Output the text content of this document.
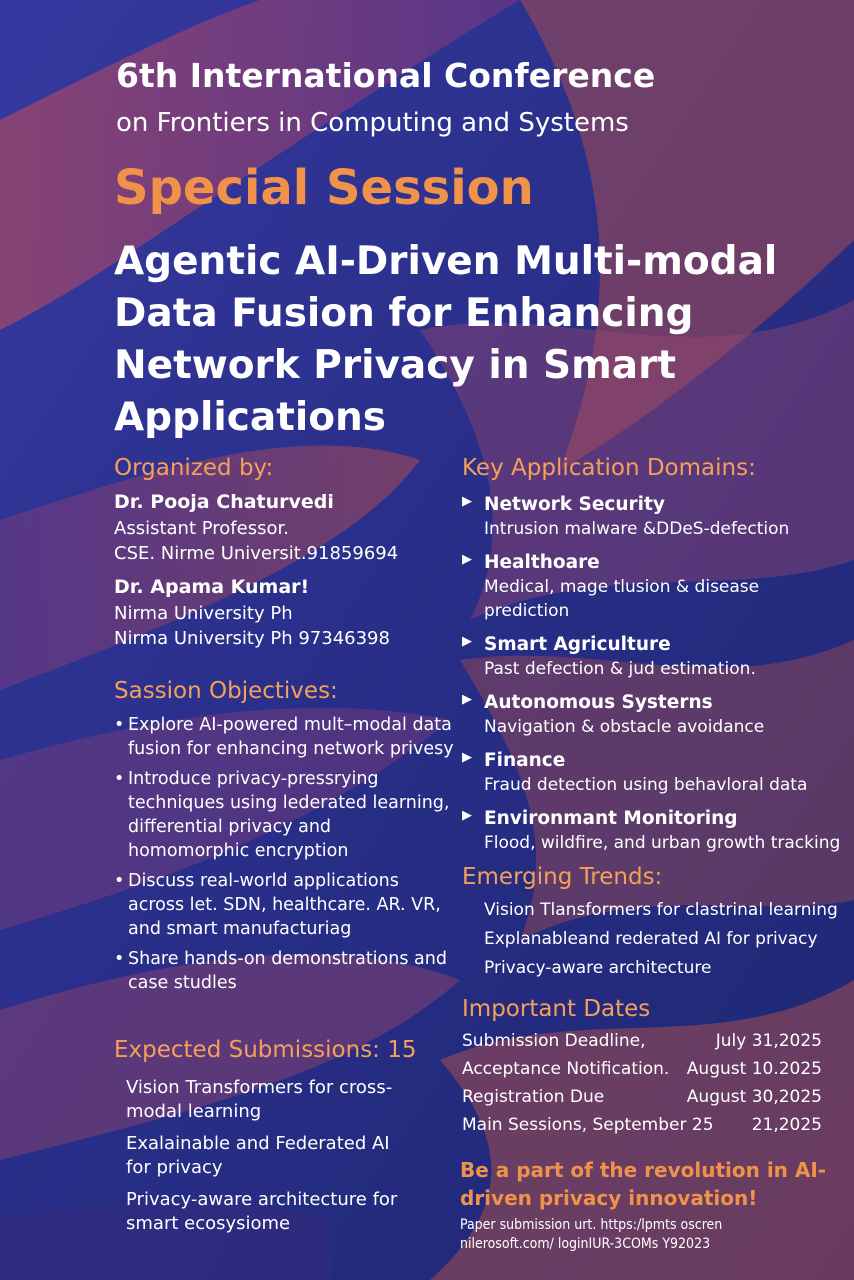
6th International Conference
on Frontiers in Computing and Systems
Special Session
Agentic AI-Driven Multi-modal Data Fusion for Enhancing Network Privacy in Smart Applications
Organized by:
Dr. Pooja Chaturvedi
Assistant Professor.
CSE. Nirme Universit.91859694
Dr. Apama Kumar!
Nirma University Ph
Nirma University Ph 97346398
Sassion Objectives:
• Explore AI-powered mult–modal data fusion for enhancing network privesy
• Introduce privacy-pressrying techniques using lederated learning, differential privacy and homomorphic encryption
• Discuss real-world applications across let. SDN, healthcare. AR. VR, and smart manufacturiag
• Share hands-on demonstrations and case studles
Expected Submissions: 15
Vision Transformers for cross-modal learning
Exalainable and Federated AI for privacy
Privacy-aware architecture for smart ecosysiome
Key Application Domains:
▶ Network Security
Intrusion malware &DDeS-defection
▶ Healthoare
Medical, mage tlusion & disease prediction
▶ Smart Agriculture
Past defection & jud estimation.
▶ Autonomous Systerns
Navigation & obstacle avoidance
▶ Finance
Fraud detection using behavloral data
▶ Environmant Monitoring
Flood, wildfire, and urban growth tracking
Emerging Trends:
Vision Tlansformers for clastrinal learning
Explanableand rederated AI for privacy
Privacy-aware architecture
Important Dates
Submission Deadline,	July 31,2025
Acceptance Notification. August 10.2025
Registration Due	August 30,2025
Main Sessions, September 25 21,2025
Be a part of the revolution in AI-driven privacy innovation!
Paper submission urt. https:/lpmts oscren
nilerosoft.com/ loginIUR-3COMs Y92023
